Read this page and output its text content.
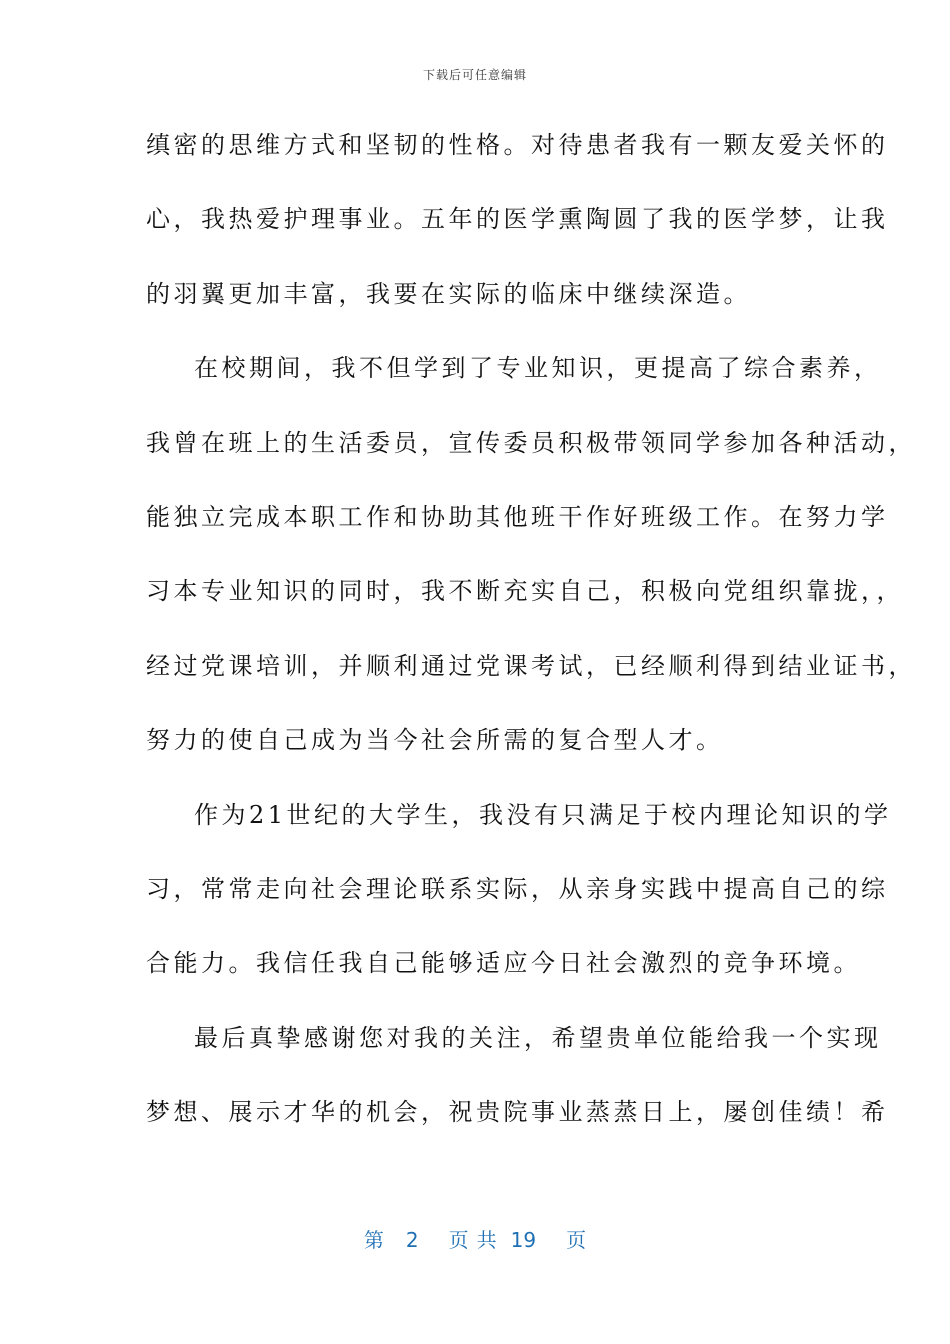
下载后可任意编辑
缜密的思维方式和坚韧的性格。对待患者我有一颗友爱关怀的
心，我热爱护理事业。五年的医学熏陶圆了我的医学梦，让我
的羽翼更加丰富，我要在实际的临床中继续深造。
在校期间，我不但学到了专业知识，更提高了综合素养，
我曾在班上的生活委员，宣传委员积极带领同学参加各种活动，
能独立完成本职工作和协助其他班干作好班级工作。在努力学
习本专业知识的同时，我不断充实自己，积极向党组织靠拢，，
经过党课培训，并顺利通过党课考试，已经顺利得到结业证书，
努力的使自己成为当今社会所需的复合型人才。
作为21世纪的大学生，我没有只满足于校内理论知识的学
习，常常走向社会理论联系实际，从亲身实践中提高自己的综
合能力。我信任我自己能够适应今日社会激烈的竞争环境。
最后真挚感谢您对我的关注，希望贵单位能给我一个实现
梦想、展示才华的机会，祝贵院事业蒸蒸日上，屡创佳绩！希
第 2 页 共 19 页
